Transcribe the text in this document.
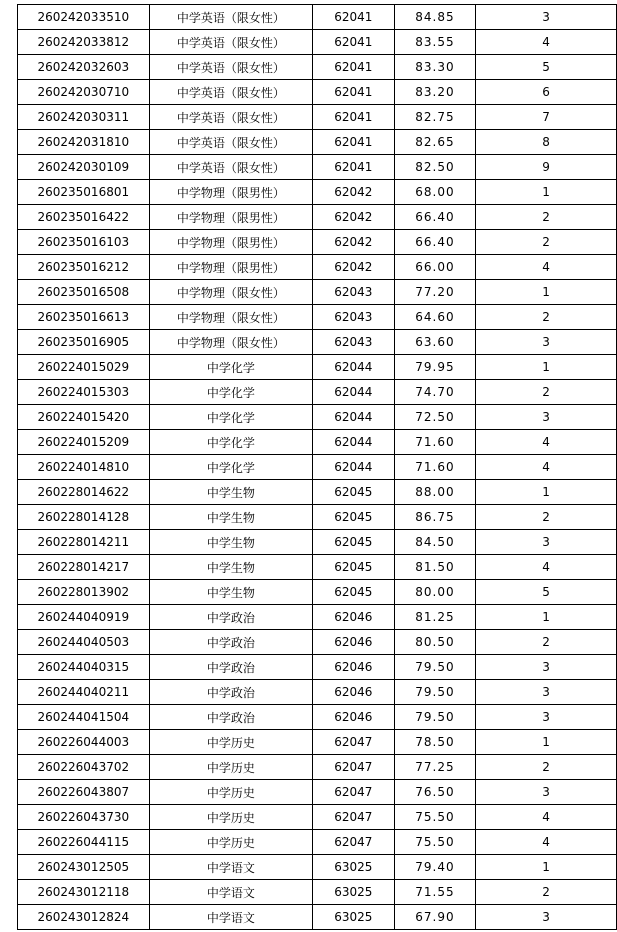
260242033510	中学英语（限女性）	62041	84.85	3
260242033812	中学英语（限女性）	62041	83.55	4
260242032603	中学英语（限女性）	62041	83.30	5
260242030710	中学英语（限女性）	62041	83.20	6
260242030311	中学英语（限女性）	62041	82.75	7
260242031810	中学英语（限女性）	62041	82.65	8
260242030109	中学英语（限女性）	62041	82.50	9
260235016801	中学物理（限男性）	62042	68.00	1
260235016422	中学物理（限男性）	62042	66.40	2
260235016103	中学物理（限男性）	62042	66.40	2
260235016212	中学物理（限男性）	62042	66.00	4
260235016508	中学物理（限女性）	62043	77.20	1
260235016613	中学物理（限女性）	62043	64.60	2
260235016905	中学物理（限女性）	62043	63.60	3
260224015029	中学化学	62044	79.95	1
260224015303	中学化学	62044	74.70	2
260224015420	中学化学	62044	72.50	3
260224015209	中学化学	62044	71.60	4
260224014810	中学化学	62044	71.60	4
260228014622	中学生物	62045	88.00	1
260228014128	中学生物	62045	86.75	2
260228014211	中学生物	62045	84.50	3
260228014217	中学生物	62045	81.50	4
260228013902	中学生物	62045	80.00	5
260244040919	中学政治	62046	81.25	1
260244040503	中学政治	62046	80.50	2
260244040315	中学政治	62046	79.50	3
260244040211	中学政治	62046	79.50	3
260244041504	中学政治	62046	79.50	3
260226044003	中学历史	62047	78.50	1
260226043702	中学历史	62047	77.25	2
260226043807	中学历史	62047	76.50	3
260226043730	中学历史	62047	75.50	4
260226044115	中学历史	62047	75.50	4
260243012505	中学语文	63025	79.40	1
260243012118	中学语文	63025	71.55	2
260243012824	中学语文	63025	67.90	3
